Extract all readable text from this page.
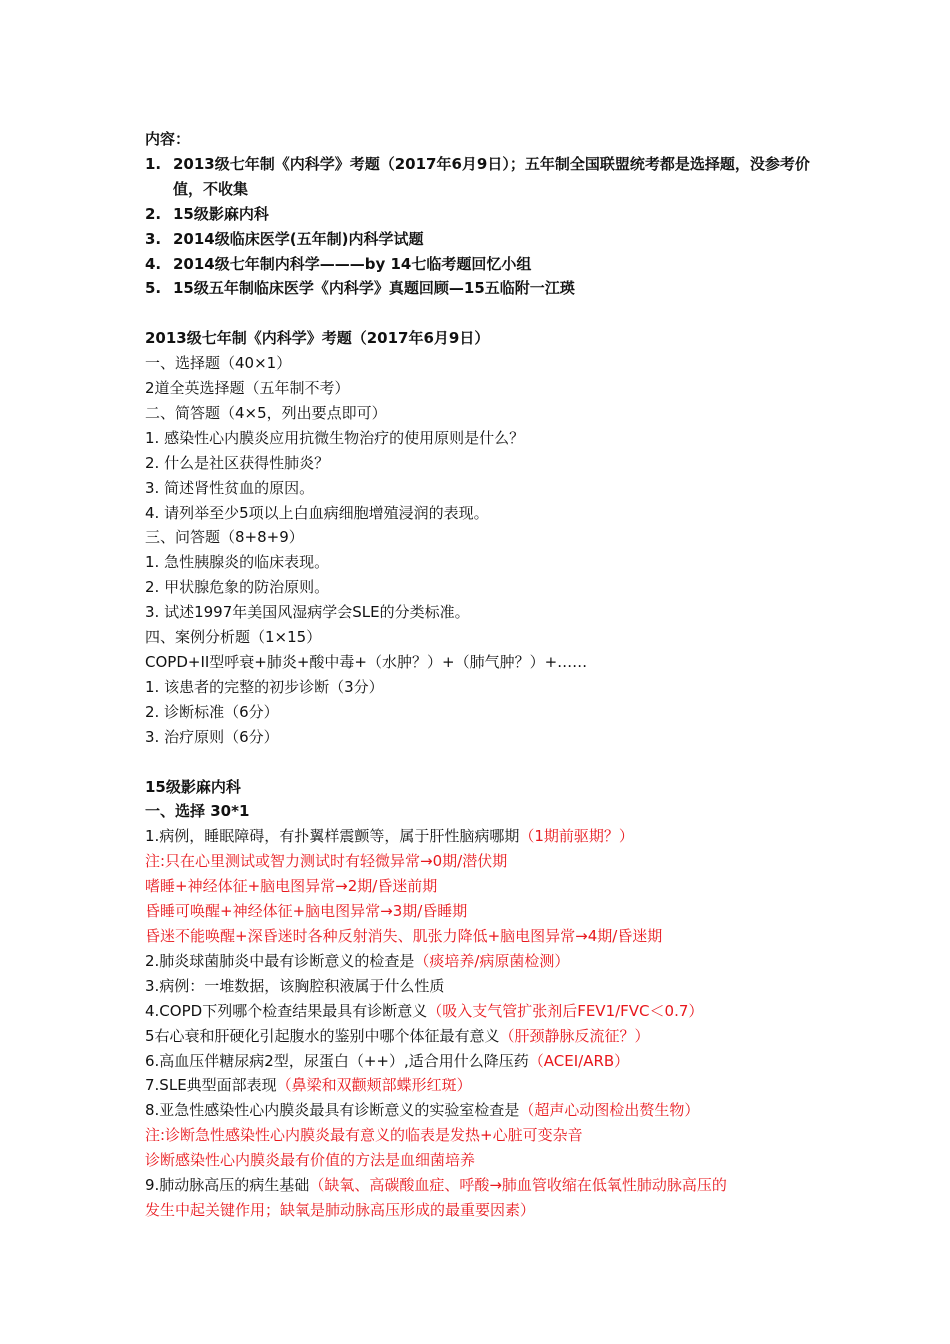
内容：
1. 2013级七年制《内科学》考题（2017年6月9日）；五年制全国联盟统考都是选择题，没参考价值，不收集
2. 15级影麻内科
3. 2014级临床医学(五年制)内科学试题
4. 2014级七年制内科学———by 14七临考题回忆小组
5. 15级五年制临床医学《内科学》真题回顾—15五临附一江瑛
2013级七年制《内科学》考题（2017年6月9日）
一、选择题（40×1）
2道全英选择题（五年制不考）
二、简答题（4×5，列出要点即可）
1. 感染性心内膜炎应用抗微生物治疗的使用原则是什么？
2. 什么是社区获得性肺炎？
3. 简述肾性贫血的原因。
4. 请列举至少5项以上白血病细胞增殖浸润的表现。
三、问答题（8+8+9）
1. 急性胰腺炎的临床表现。
2. 甲状腺危象的防治原则。
3. 试述1997年美国风湿病学会SLE的分类标准。
四、案例分析题（1×15）
COPD+II型呼衰+肺炎+酸中毒+（水肿？）+（肺气肿？）+……
1. 该患者的完整的初步诊断（3分）
2. 诊断标准（6分）
3. 治疗原则（6分）
15级影麻内科
一、选择 30*1
1.病例，睡眠障碍，有扑翼样震颤等，属于肝性脑病哪期（1期前驱期？）
注:只在心里测试或智力测试时有轻微异常→0期/潜伏期
嗜睡+神经体征+脑电图异常→2期/昏迷前期
昏睡可唤醒+神经体征+脑电图异常→3期/昏睡期
昏迷不能唤醒+深昏迷时各种反射消失、肌张力降低+脑电图异常→4期/昏迷期
2.肺炎球菌肺炎中最有诊断意义的检查是（痰培养/病原菌检测）
3.病例：一堆数据，该胸腔积液属于什么性质
4.COPD下列哪个检查结果最具有诊断意义（吸入支气管扩张剂后FEV1/FVC＜0.7）
5右心衰和肝硬化引起腹水的鉴别中哪个体征最有意义（肝颈静脉反流征？）
6.高血压伴糖尿病2型，尿蛋白（++）,适合用什么降压药（ACEI/ARB）
7.SLE典型面部表现（鼻梁和双颧颊部蝶形红斑）
8.亚急性感染性心内膜炎最具有诊断意义的实验室检查是（超声心动图检出赘生物）
注:诊断急性感染性心内膜炎最有意义的临表是发热+心脏可变杂音
诊断感染性心内膜炎最有价值的方法是血细菌培养
9.肺动脉高压的病生基础（缺氧、高碳酸血症、呼酸→肺血管收缩在低氧性肺动脉高压的
发生中起关键作用；缺氧是肺动脉高压形成的最重要因素）
